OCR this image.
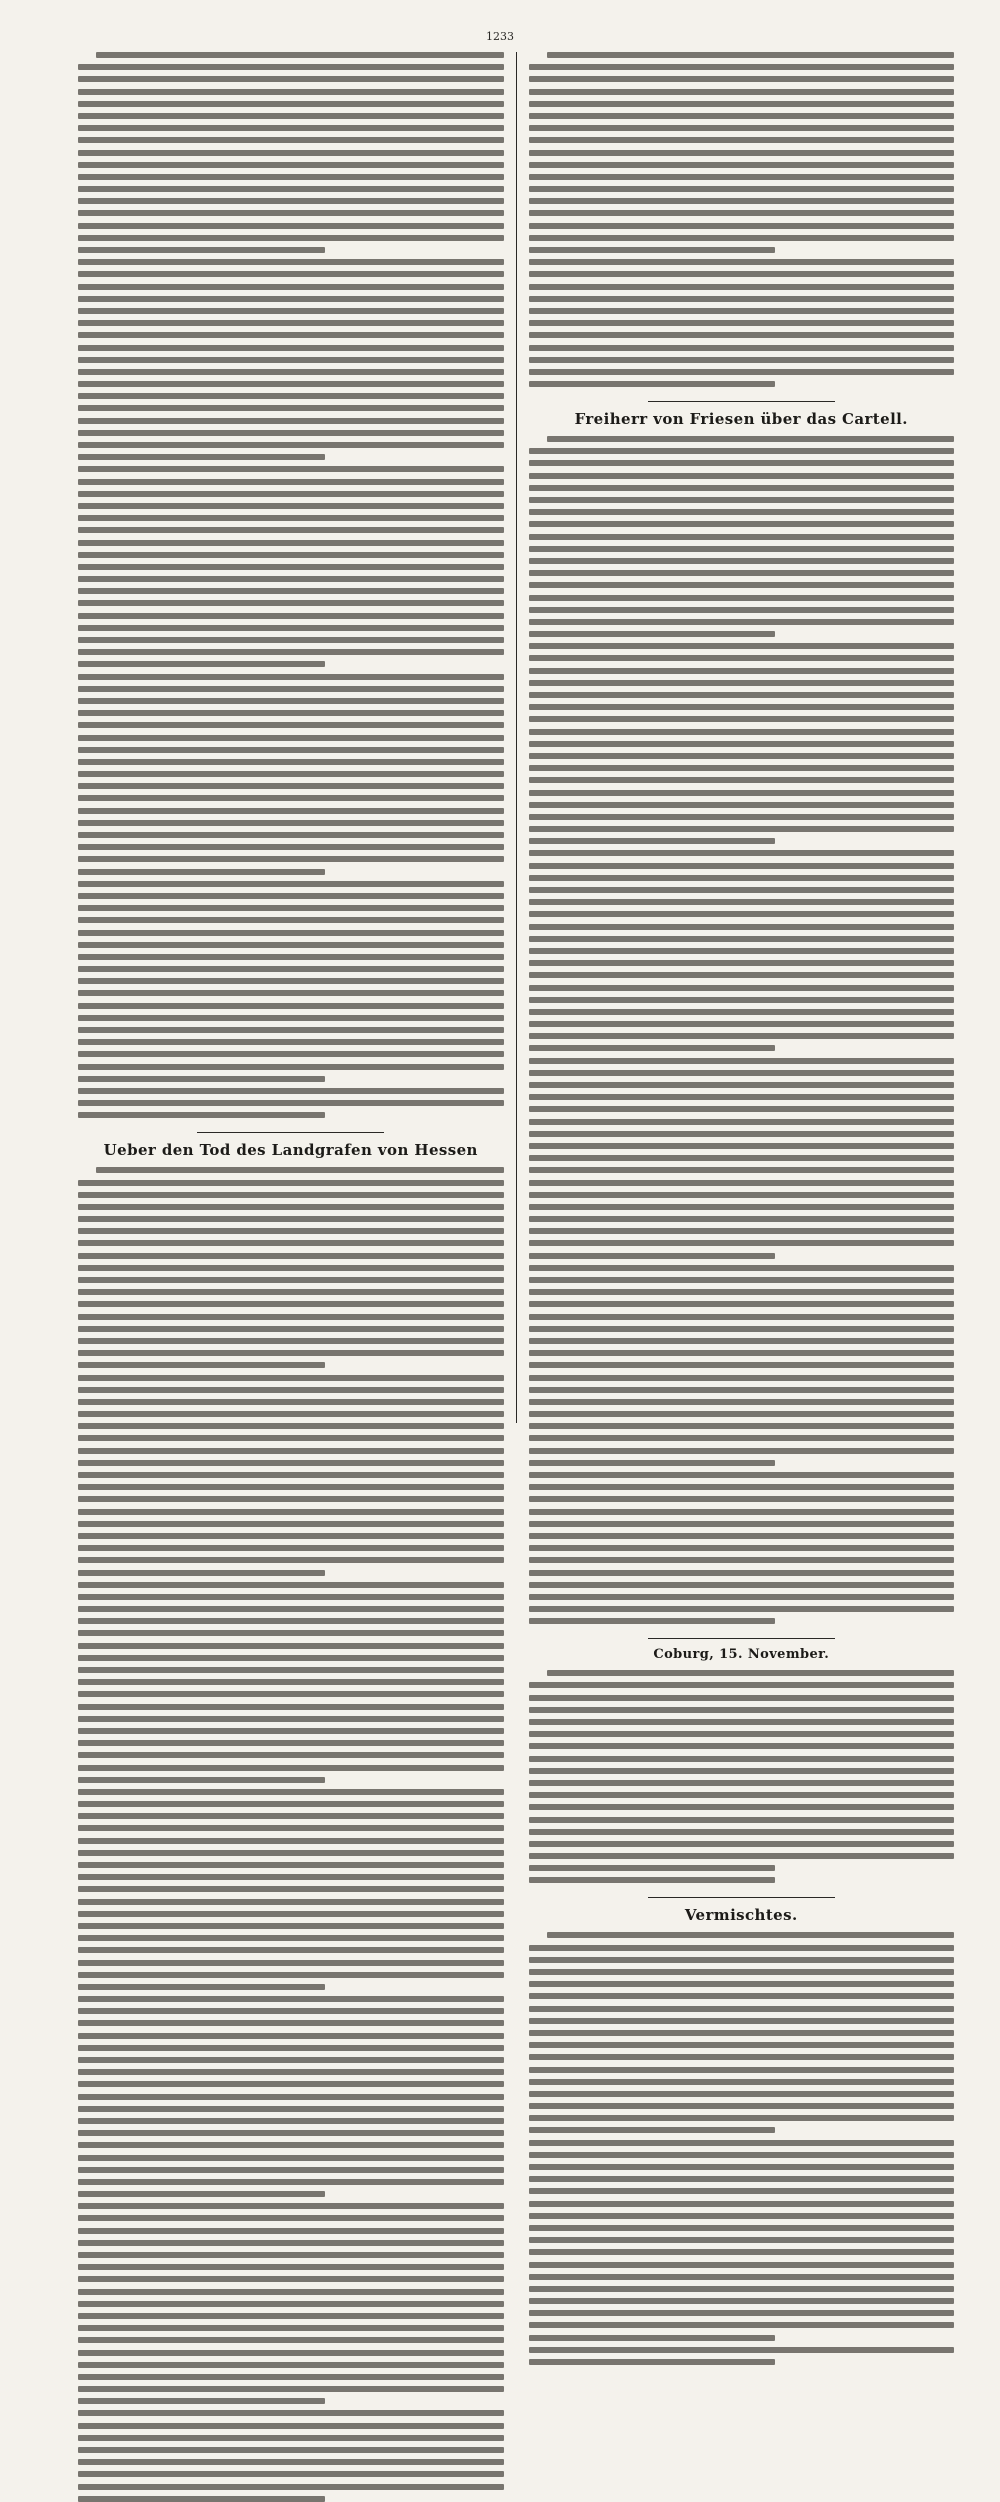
1233
Ueber den Tod des Landgrafen von Hessen
Freiherr von Friesen über das Cartell.
Coburg, 15. November.
Vermischtes.
